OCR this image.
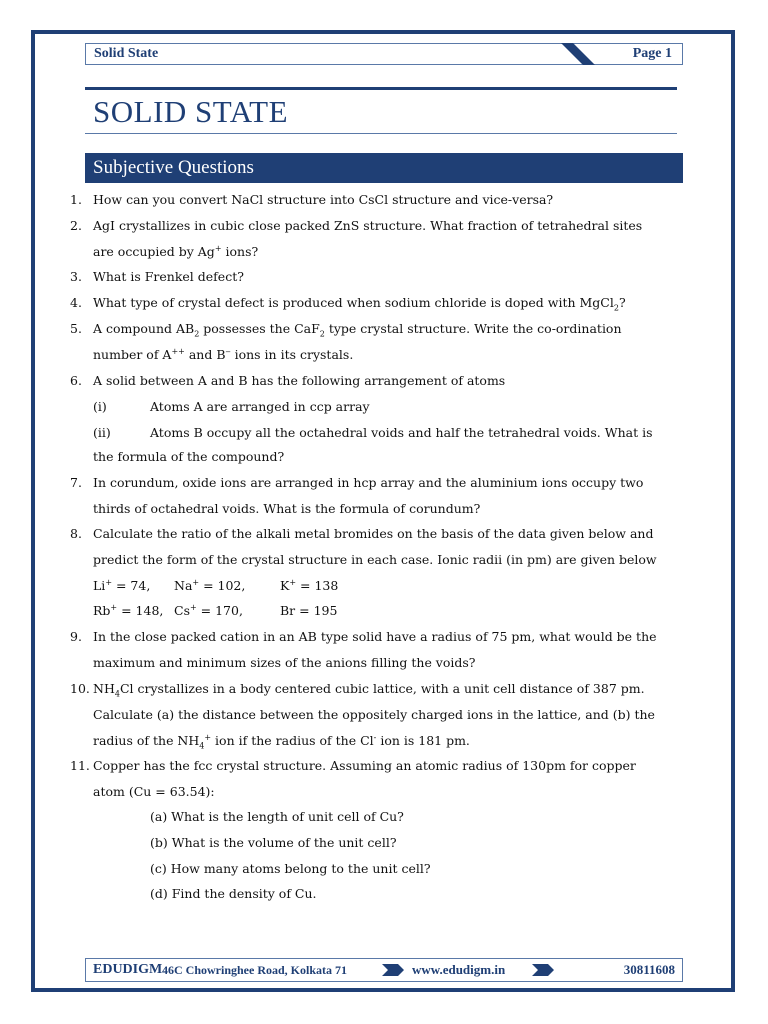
Solid State	Page 1
SOLID STATE
Subjective Questions
1. How can you convert NaCl structure into CsCl structure and vice-versa?
2. AgI crystallizes in cubic close packed ZnS structure. What fraction of tetrahedral sites
are occupied by Ag+ ions?
3. What is Frenkel defect?
4. What type of crystal defect is produced when sodium chloride is doped with MgCl$_2$?
5. A compound $AB_2$ possesses the CaF$_2$ type crystal structure. Write the co-ordination
number of A++ and B‒ ions in its crystals.
6. A solid between A and B has the following arrangement of atoms
(i)	Atoms A are arranged in ccp array
(ii)	Atoms B occupy all the octahedral voids and half the tetrahedral voids. What is
the formula of the compound?
7. In corundum, oxide ions are arranged in hcp array and the aluminium ions occupy two
thirds of octahedral voids. What is the formula of corundum?
8. Calculate the ratio of the alkali metal bromides on the basis of the data given below and
predict the form of the crystal structure in each case. Ionic radii (in pm) are given below
Li+ = 74, Na+ = 102,	K+ = 138
Rb+ = 148, Cs+ = 170,	Br = 195
9. In the close packed cation in an AB type solid have a radius of 75 pm, what would be the
maximum and minimum sizes of the anions filling the voids?
10. $NH_4Cl$ crystallizes in a body centered cubic lattice, with a unit cell distance of 387 pm.
Calculate (a) the distance between the oppositely charged ions in the lattice, and (b) the
radius of the $NH_4^+$ ion if the radius of the Cl- ion is 181 pm.
11. Copper has the fcc crystal structure. Assuming an atomic radius of 130pm for copper
atom (Cu = 63.54):
(a) What is the length of unit cell of Cu?
(b) What is the volume of the unit cell?
(c) How many atoms belong to the unit cell?
(d) Find the density of Cu.
EDUDIGM 46C Chowringhee Road, Kolkata 71	www.edudigm.in	30811608
